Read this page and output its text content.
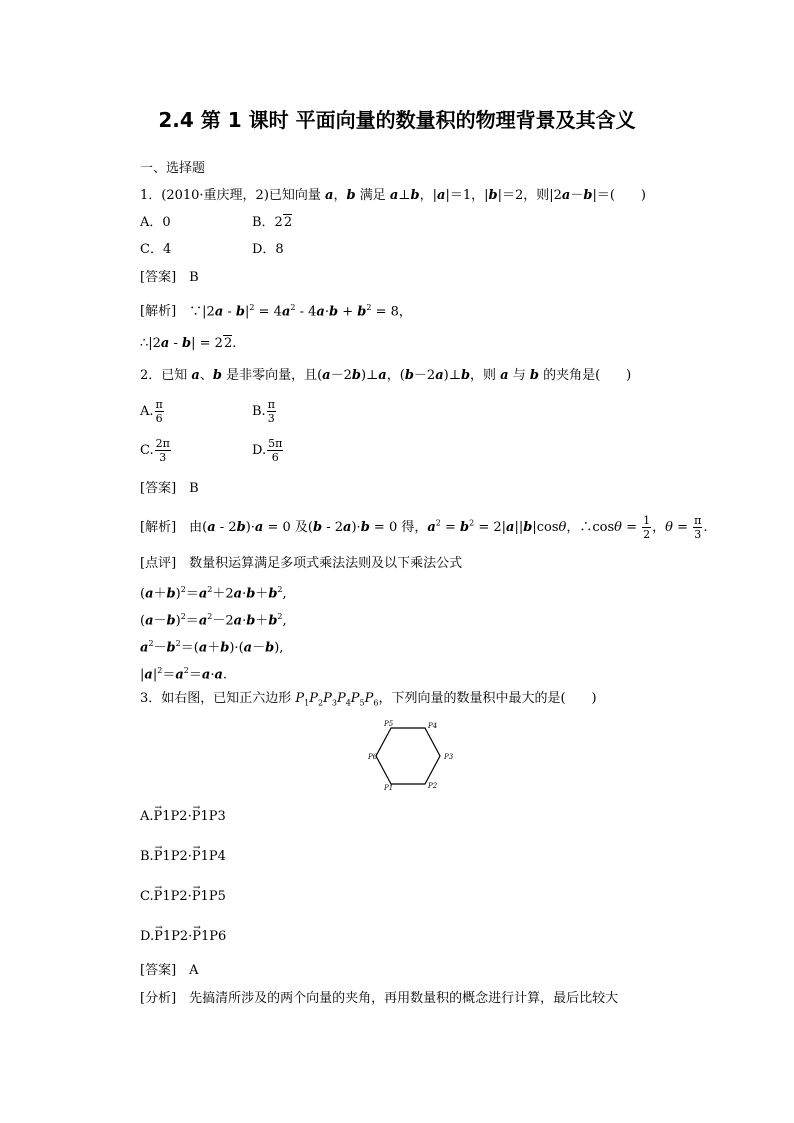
2.4 第 1 课时 平面向量的数量积的物理背景及其含义
一、选择题
1．(2010·重庆理，2)已知向量 a，b 满足 a⊥b，|a|＝1，|b|＝2，则|2a－b|＝(　　)
A．0	B．22
C．4	D．8
[答案]　B
[解析]　∵|2a - $b|^2 = 4a^2 - 4a\cdot b + b^2 = 8$，
∴|2a - b| = 22.
2．已知 a、b 是非零向量，且(a－2b)⊥a，(b－2a)⊥b，则 a 与 b 的夹角是(　　)
A. $\frac{\pi}{6}$	B. $\frac{\pi}{3}$
C. $\frac{2\pi}{3}$	D. $\frac{5\pi}{6}$
[答案]　B
[解析]　由(a - 2b)·a = 0 及(b - 2a)·b = 0 得，$a^2 = b^2 = 2|a||b|\cos\theta$，∴cosθ = $\frac{1}{2}$ ，$\theta = \frac{\pi}{3}$ .
[点评]　 数量积运算满足多项式乘法法则及以下乘法公式
$(a+b)^2=a^2+2a\cdot b+b^2$,
$(a-b)^2=a^2-2a\cdot b+b^2$,
$a^2-b^2=(a+b)\cdot(a-b)$,
$|a|^2=a^2=a\cdot a$.
3．如右图，已知正六边形 $P_1P_2P_3P_4P_5P_6$，下列向量的数量积中最大的是(　　)
P5	P4
P6	P3
P1	P2
A.→ P1P2·→ P1P3
B.→ P1P2·→ P1P4
C.→ P1P2·→ P1P5
D.→ P1P2·→ P1P6
[答案]　A
[分析]　 先搞清所涉及的两个向量的夹角，再用数量积的概念进行计算，最后比较大
